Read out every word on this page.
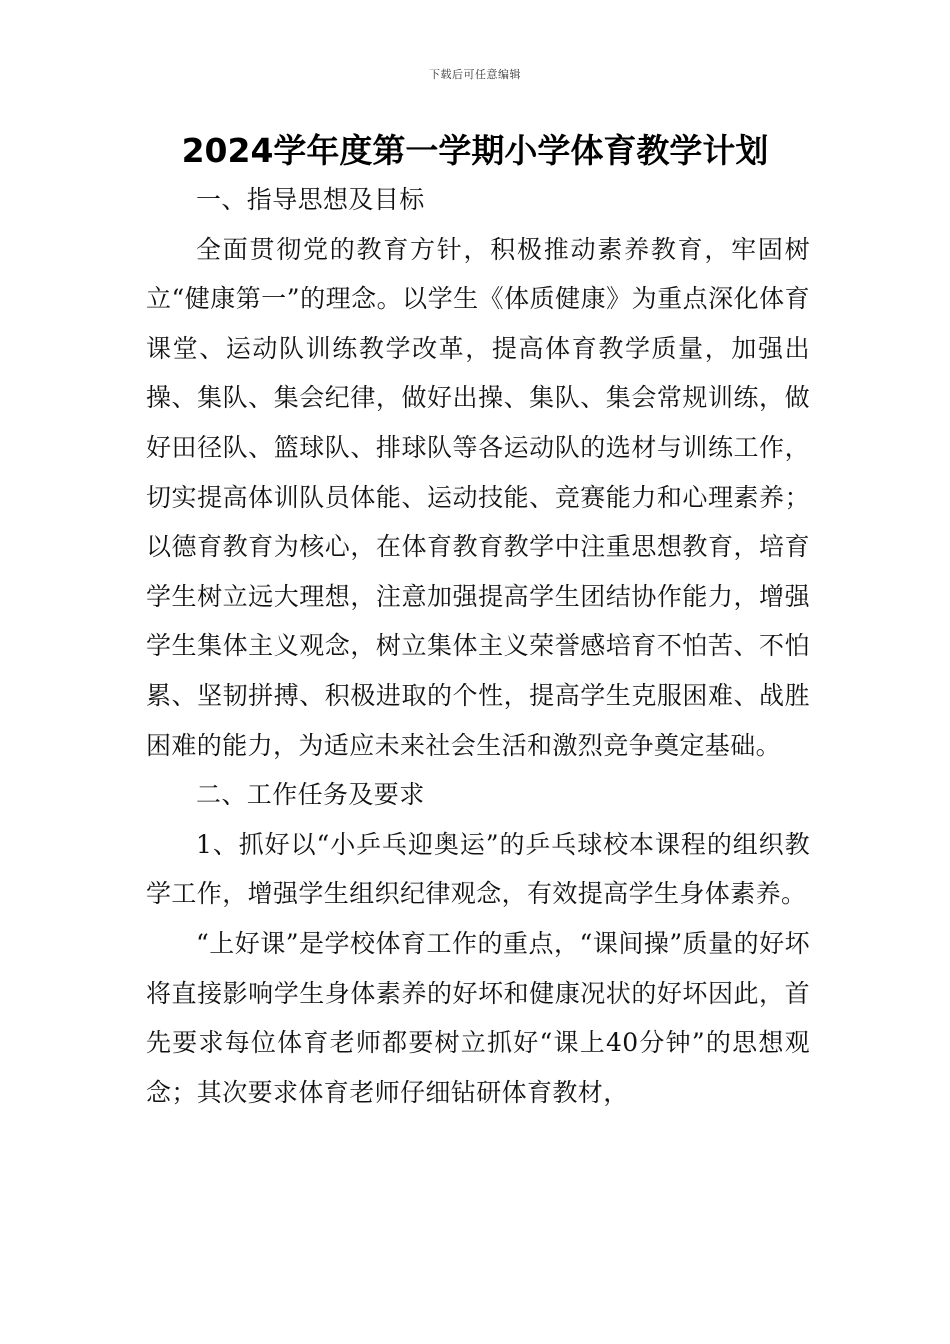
下载后可任意编辑
2024学年度第一学期小学体育教学计划

一、指导思想及目标

全面贯彻党的教育方针，积极推动素养教育，牢固树立“健康第一”的理念。以学生《体质健康》为重点深化体育课堂、运动队训练教学改革，提高体育教学质量，加强出操、集队、集会纪律，做好出操、集队、集会常规训练，做好田径队、篮球队、排球队等各运动队的选材与训练工作，切实提高体训队员体能、运动技能、竞赛能力和心理素养；以德育教育为核心，在体育教育教学中注重思想教育，培育学生树立远大理想，注意加强提高学生团结协作能力，增强学生集体主义观念，树立集体主义荣誉感培育不怕苦、不怕累、坚韧拼搏、积极进取的个性，提高学生克服困难、战胜困难的能力，为适应未来社会生活和激烈竞争奠定基础。

二、工作任务及要求

1、抓好以“小乒乓迎奥运”的乒乓球校本课程的组织教学工作，增强学生组织纪律观念，有效提高学生身体素养。

“上好课”是学校体育工作的重点，“课间操”质量的好坏将直接影响学生身体素养的好坏和健康况状的好坏因此，首先要求每位体育老师都要树立抓好“课上40分钟”的思想观念；其次要求体育老师仔细钻研体育教材，
